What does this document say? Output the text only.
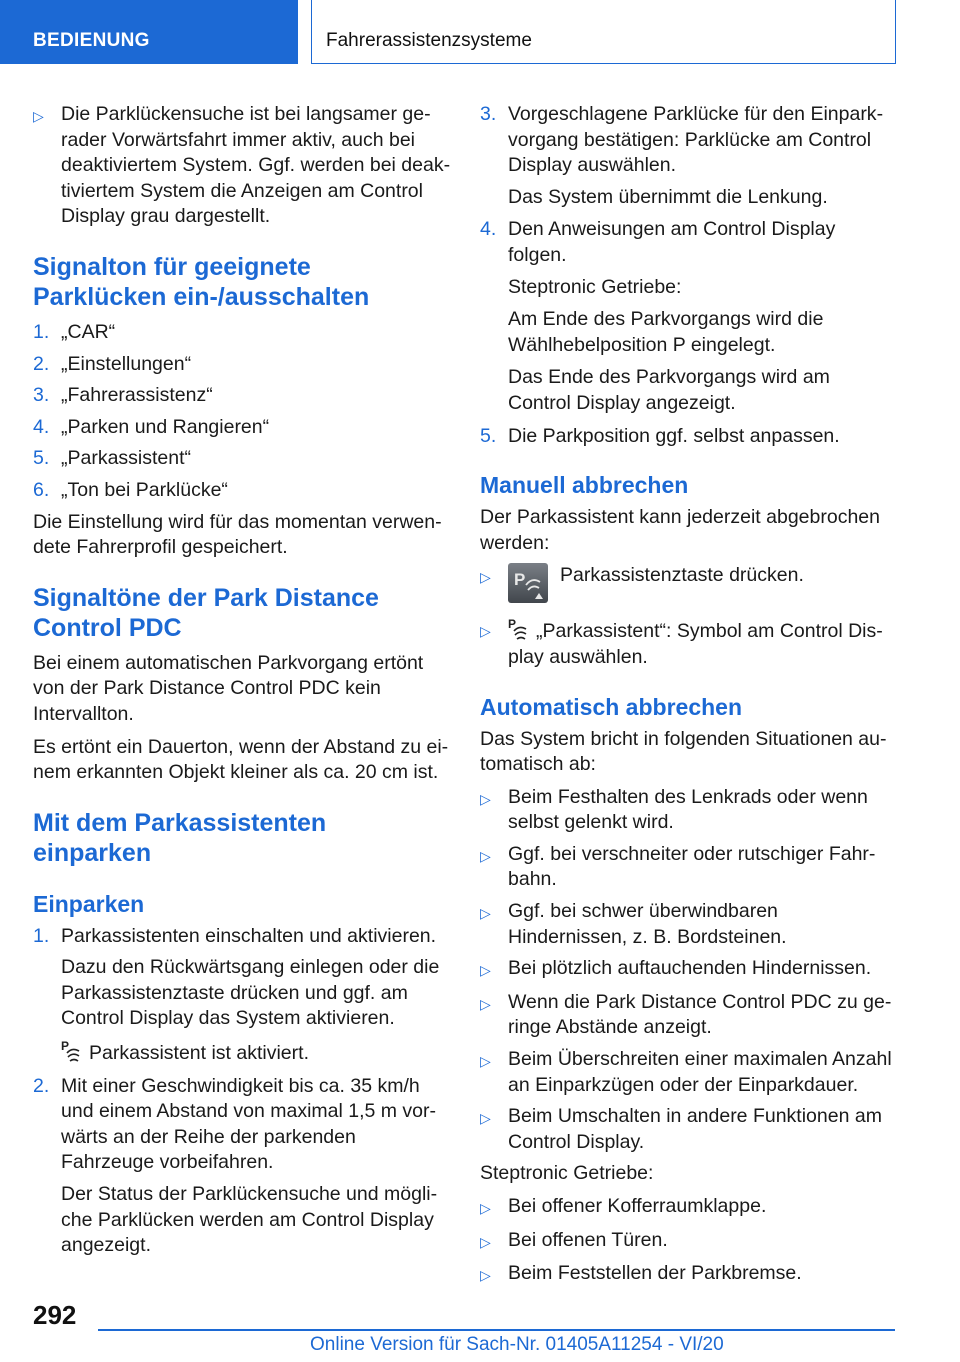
BEDIENUNG	Fahrerassistenzsysteme
▷ Die Parklückensuche ist bei langsamer gerader Vorwärtsfahrt immer aktiv, auch bei deaktiviertem System. Ggf. werden bei deaktiviertem System die Anzeigen am Control Display grau dargestellt.
Signalton für geeignete Parklücken ein-/ausschalten
1. „CAR“
2. „Einstellungen“
3. „Fahrerassistenz“
4. „Parken und Rangieren“
5. „Parkassistent“
6. „Ton bei Parklücke“

Die Einstellung wird für das momentan verwendete Fahrerprofil gespeichert.

Signaltöne der Park Distance Control PDC

Bei einem automatischen Parkvorgang ertönt von der Park Distance Control PDC kein Intervallton.

Es ertönt ein Dauerton, wenn der Abstand zu einem erkannten Objekt kleiner als ca. 20 cm ist.

Mit dem Parkassistenten einparken
Einparken
1. Parkassistenten einschalten und aktivieren.

Dazu den Rückwärtsgang einlegen oder die Parkassistenztaste drücken und ggf. am Control Display das System aktivieren.

P Parkassistent ist aktiviert.

2. Mit einer Geschwindigkeit bis ca. 35 km/h und einem Abstand von maximal 1,5 m vorwärts an der Reihe der parkenden Fahrzeuge vorbeifahren.

Der Status der Parklückensuche und mögliche Parklücken werden am Control Display angezeigt.

3. Vorgeschlagene Parklücke für den Einparkvorgang bestätigen: Parklücke am Control Display auswählen.

Das System übernimmt die Lenkung.

4. Den Anweisungen am Control Display folgen.

Steptronic Getriebe:

Am Ende des Parkvorgangs wird die Wählhebelposition P eingelegt.

Das Ende des Parkvorgangs wird am Control Display angezeigt.

5. Die Parkposition ggf. selbst anpassen.
Manuell abbrechen

Der Parkassistent kann jederzeit abgebrochen werden:

▷	P Parkassistenztaste drücken.
▷	P „Parkassistent“: Symbol am Control Display auswählen.
Automatisch abbrechen

Das System bricht in folgenden Situationen automatisch ab:

▷ Beim Festhalten des Lenkrads oder wenn selbst gelenkt wird.
▷ Ggf. bei verschneiter oder rutschiger Fahrbahn.
▷ Ggf. bei schwer überwindbaren Hindernissen, z. B. Bordsteinen.
▷ Bei plötzlich auftauchenden Hindernissen.
▷ Wenn die Park Distance Control PDC zu geringe Abstände anzeigt.
▷ Beim Überschreiten einer maximalen Anzahl an Einparkzügen oder der Einparkdauer.
▷ Beim Umschalten in andere Funktionen am Control Display.

Steptronic Getriebe:

▷ Bei offener Kofferraumklappe.
▷ Bei offenen Türen.
▷ Beim Feststellen der Parkbremse.
292
Online Version für Sach-Nr. 01405A11254 - VI/20
